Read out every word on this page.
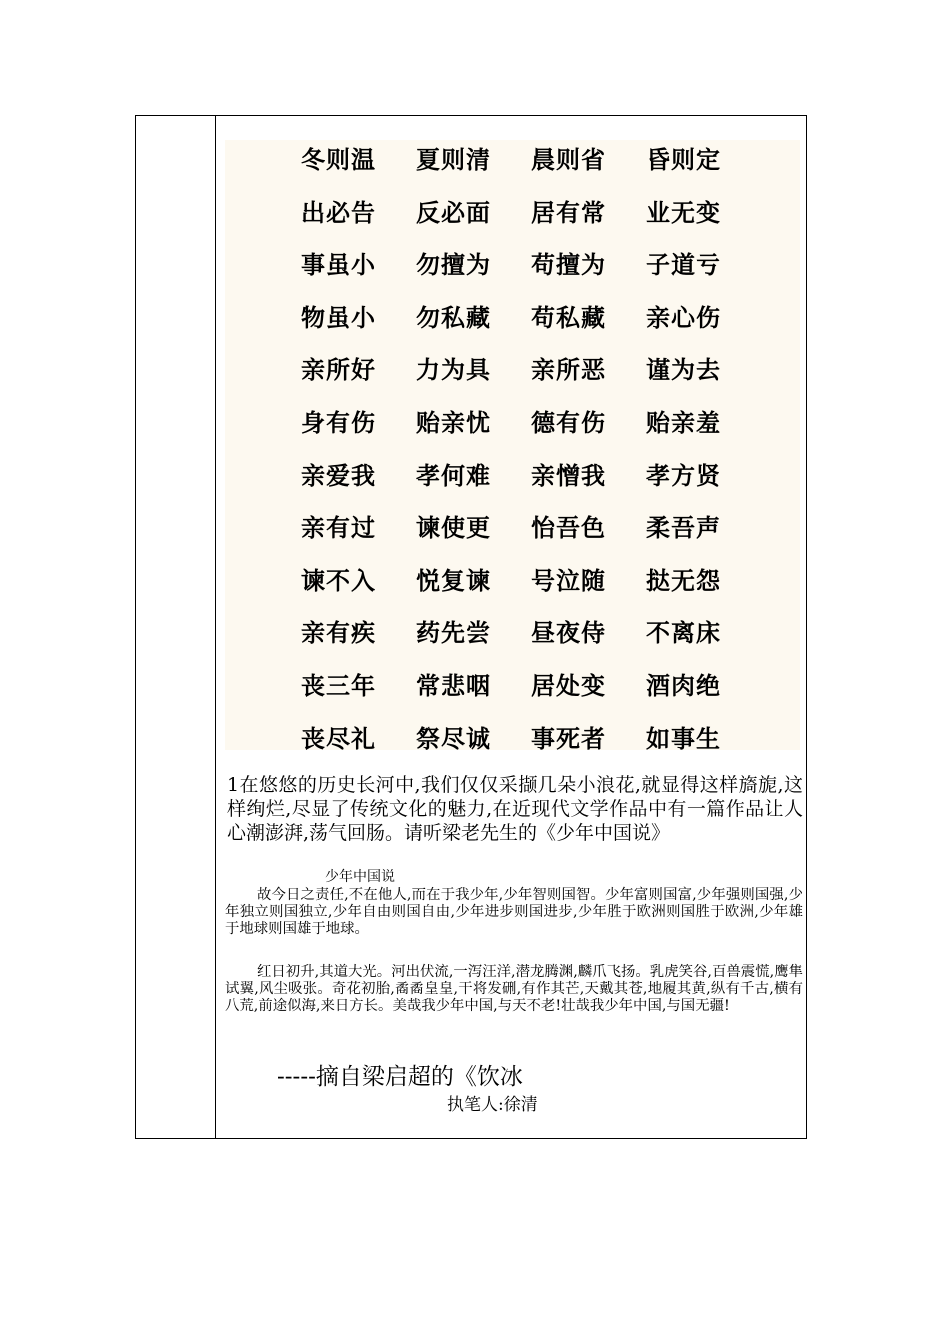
冬则温 夏则清 晨则省 昏则定
出必告 反必面 居有常 业无变
事虽小 勿擅为 苟擅为 子道亏
物虽小 勿私藏 苟私藏 亲心伤
亲所好 力为具 亲所恶 谨为去
身有伤 贻亲忧 德有伤 贻亲羞
亲爱我 孝何难 亲憎我 孝方贤
亲有过 谏使更 怡吾色 柔吾声
谏不入 悦复谏 号泣随 挞无怨
亲有疾 药先尝 昼夜侍 不离床
丧三年 常悲咽 居处变 酒肉绝
丧尽礼 祭尽诚 事死者 如事生
1在悠悠的历史长河中,我们仅仅采撷几朵小浪花,就显得这样旖旎,这样绚烂,尽显了传统文化的魅力,在近现代文学作品中有一篇作品让人心潮澎湃,荡气回肠。请听梁老先生的《少年中国说》
少年中国说
故今日之责任,不在他人,而在于我少年,少年智则国智。少年富则国富,少年强则国强,少年独立则国独立,少年自由则国自由,少年进步则国进步,少年胜于欧洲则国胜于欧洲,少年雄于地球则国雄于地球。
红日初升,其道大光。河出伏流,一泻汪洋,潜龙腾渊,麟爪飞扬。乳虎笑谷,百兽震慌,鹰隼试翼,风尘吸张。奇花初胎,矞矞皇皇,干将发硎,有作其芒,天戴其苍,地履其黄,纵有千古,横有八荒,前途似海,来日方长。美哉我少年中国,与天不老!壮哉我少年中国,与国无疆!
-----摘自梁启超的《饮冰
执笔人:徐清
